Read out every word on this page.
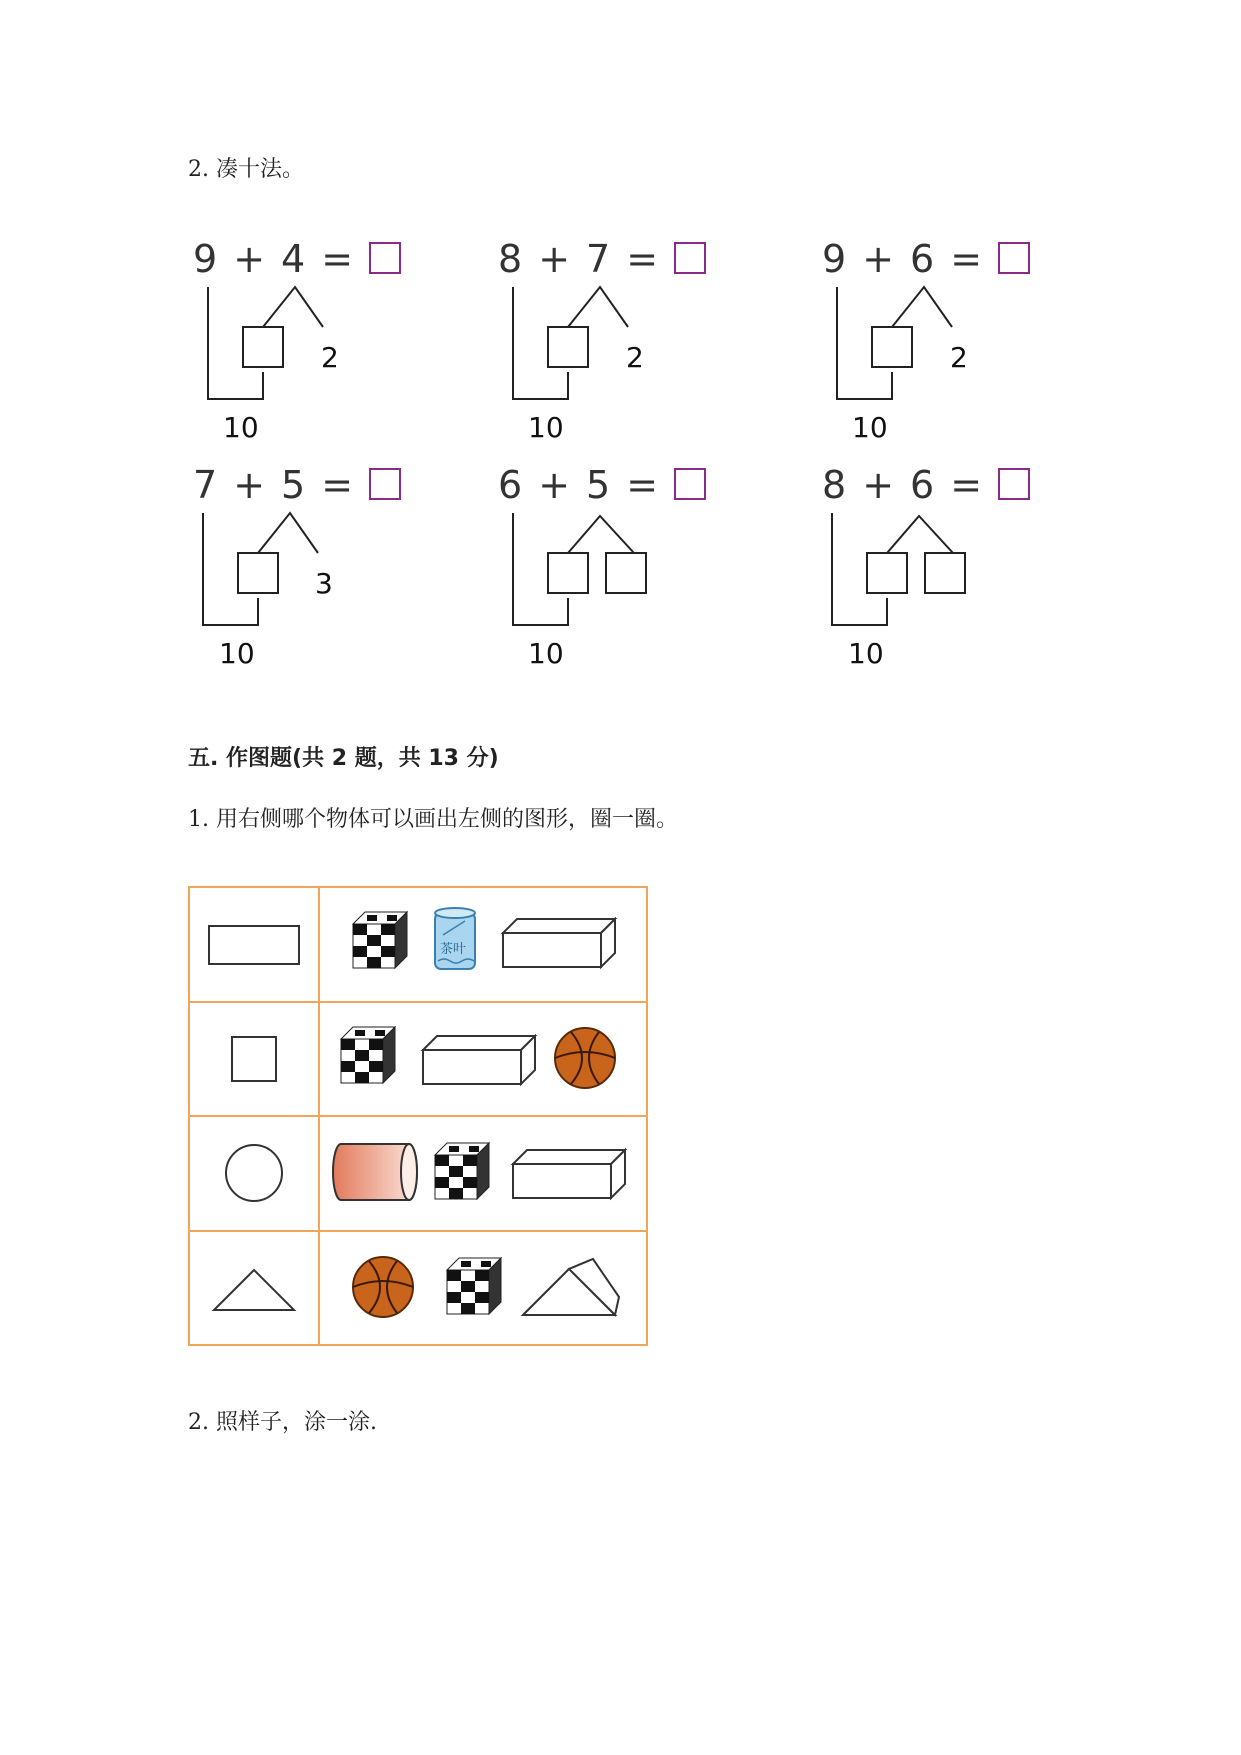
2. 凑十法。
9 + 4 =
2
10
8 + 7 =
2
10
9 + 6 =
2
10
7 + 5 =
3
10
6 + 5 =
10
8 + 6 =
10
五. 作图题(共 2 题，共 13 分)
1. 用右侧哪个物体可以画出左侧的图形，圈一圈。

茶叶

2. 照样子，涂一涂.
